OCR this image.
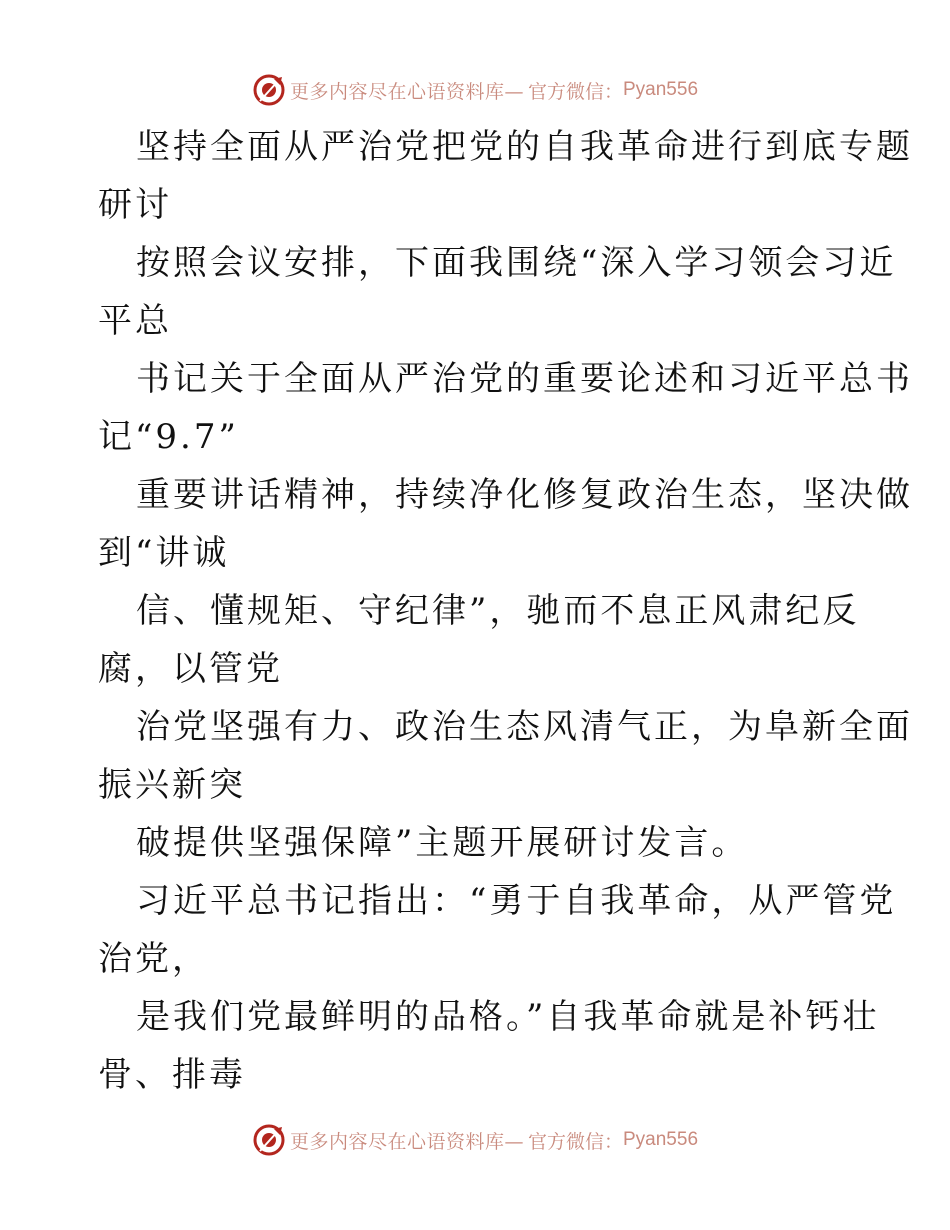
更多内容尽在心语资料库— 官方微信： Pyan556
坚持全面从严治党把党的自我革命进行到底专题
研讨
按照会议安排，下面我围绕“深入学习领会习近
平总
书记关于全面从严治党的重要论述和习近平总书
记“9.7”
重要讲话精神，持续净化修复政治生态，坚决做
到“讲诚
信、懂规矩、守纪律”，驰而不息正风肃纪反
腐，以管党
治党坚强有力、政治生态风清气正，为阜新全面
振兴新突
破提供坚强保障”主题开展研讨发言。
习近平总书记指出：“勇于自我革命，从严管党
治党，
是我们党最鲜明的品格。”自我革命就是补钙壮
骨、排毒
更多内容尽在心语资料库— 官方微信： Pyan556
